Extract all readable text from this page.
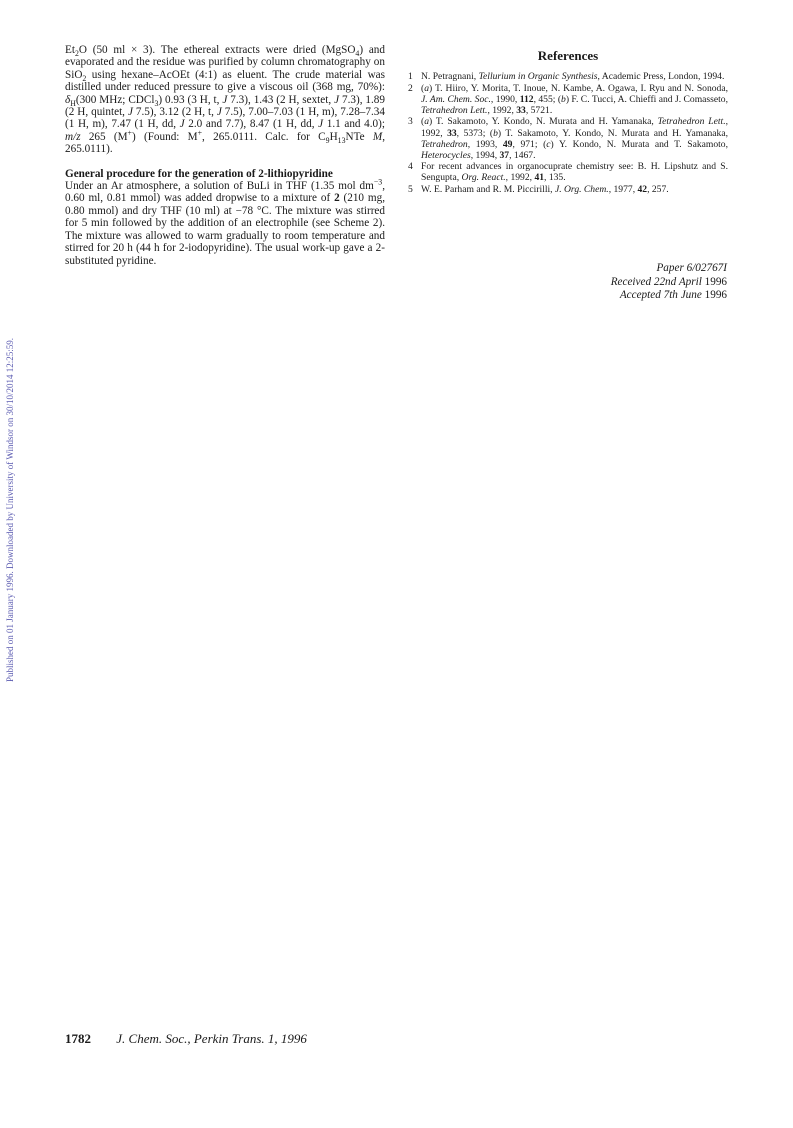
Published on 01 January 1996. Downloaded by University of Windsor on 30/10/2014 12:25:59.

$Et_2O$ (50 ml × 3). The ethereal extracts were dried (MgSO$_4$) and evaporated and the residue was purified by column chromatography on SiO$_2$ using hexane–AcOEt (4:1) as eluent. The crude material was distilled under reduced pressure to give a viscous oil (368 mg, 70%): $\delta_H(300$ MHz; CDCl$_3$) 0.93 (3 H, t, J 7.3), 1.43 (2 H, sextet, J 7.3), 1.89 (2 H, quintet, J 7.5), 3.12 (2 H, t, J 7.5), 7.00–7.03 (1 H, m), 7.28–7.34 (1 H, m), 7.47 (1 H, dd, J 2.0 and 7.7), 8.47 (1 H, dd, J 1.1 and 4.0); m/z 265 (M+) (Found: M+, 265.0111. Calc. for $C_9H_{13}NTe$ M, 265.0111).

General procedure for the generation of 2-lithiopyridine

Under an Ar atmosphere, a solution of BuLi in THF (1.35 mol $dm^{-3}$, 0.60 ml, 0.81 mmol) was added dropwise to a mixture of 2 (210 mg, 0.80 mmol) and dry THF (10 ml) at −78 °C. The mixture was stirred for 5 min followed by the addition of an electrophile (see Scheme 2). The mixture was allowed to warm gradually to room temperature and stirred for 20 h (44 h for 2-iodopyridine). The usual work-up gave a 2-substituted pyridine.

References
1 N. Petragnani, Tellurium in Organic Synthesis, Academic Press, London, 1994.
2 (a) T. Hiiro, Y. Morita, T. Inoue, N. Kambe, A. Ogawa, I. Ryu and N. Sonoda, J. Am. Chem. Soc., 1990, 112, 455; (b) F. C. Tucci, A. Chieffi and J. Comasseto, Tetrahedron Lett., 1992, 33, 5721.
3 (a) T. Sakamoto, Y. Kondo, N. Murata and H. Yamanaka, Tetrahedron Lett., 1992, 33, 5373; (b) T. Sakamoto, Y. Kondo, N. Murata and H. Yamanaka, Tetrahedron, 1993, 49, 971; (c) Y. Kondo, N. Murata and T. Sakamoto, Heterocycles, 1994, 37, 1467.
4 For recent advances in organocuprate chemistry see: B. H. Lipshutz and S. Sengupta, Org. React., 1992, 41, 135.
5 W. E. Parham and R. M. Piccirilli, J. Org. Chem., 1977, 42, 257.
Paper 6/02767I
Received 22nd April 1996
Accepted 7th June 1996
1782 J. Chem. Soc., Perkin Trans. 1, 1996
